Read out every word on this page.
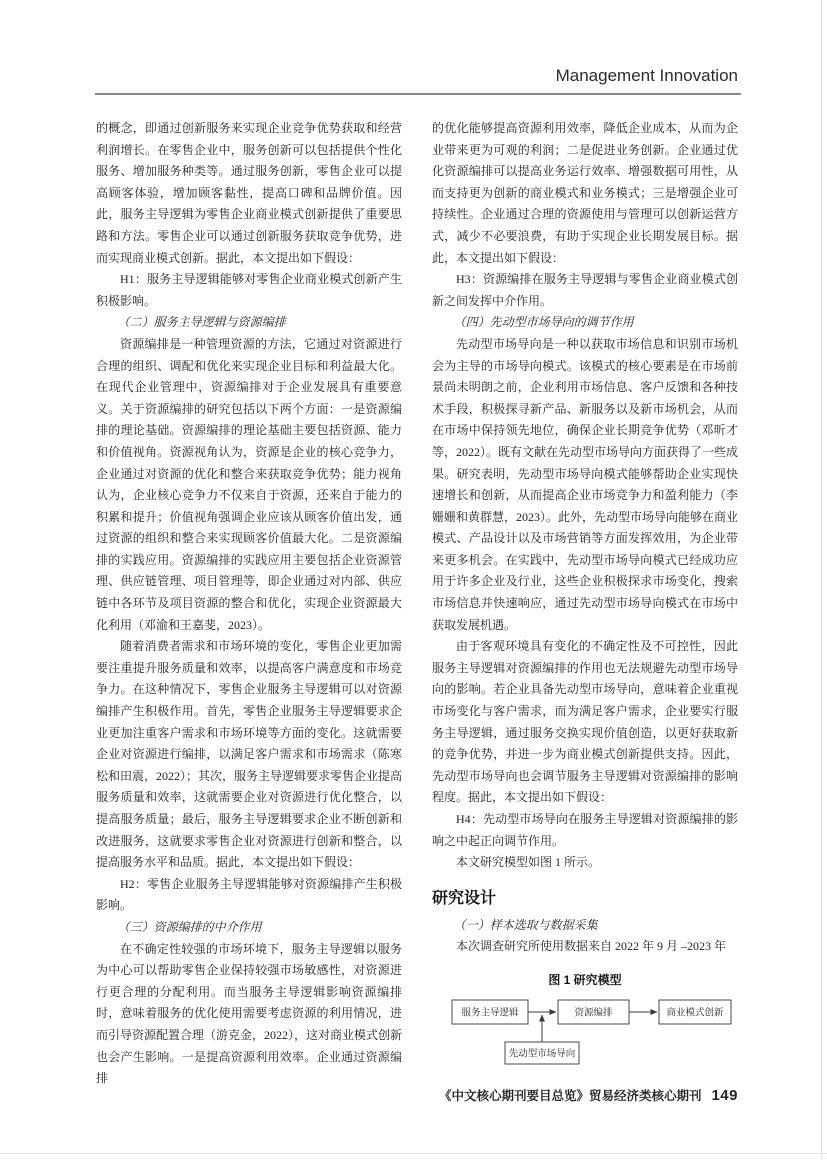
Management Innovation

的概念，即通过创新服务来实现企业竞争优势获取和经营利润增长。在零售企业中，服务创新可以包括提供个性化服务、增加服务种类等。通过服务创新，零售企业可以提高顾客体验，增加顾客黏性，提高口碑和品牌价值。因此，服务主导逻辑为零售企业商业模式创新提供了重要思路和方法。零售企业可以通过创新服务获取竞争优势，进而实现商业模式创新。据此，本文提出如下假设：

H1：服务主导逻辑能够对零售企业商业模式创新产生积极影响。

（二）服务主导逻辑与资源编排

资源编排是一种管理资源的方法，它通过对资源进行合理的组织、调配和优化来实现企业目标和利益最大化。在现代企业管理中，资源编排对于企业发展具有重要意义。关于资源编排的研究包括以下两个方面：一是资源编排的理论基础。资源编排的理论基础主要包括资源、能力和价值视角。资源视角认为，资源是企业的核心竞争力，企业通过对资源的优化和整合来获取竞争优势；能力视角认为，企业核心竞争力不仅来自于资源，还来自于能力的积累和提升；价值视角强调企业应该从顾客价值出发，通过资源的组织和整合来实现顾客价值最大化。二是资源编排的实践应用。资源编排的实践应用主要包括企业资源管理、供应链管理、项目管理等，即企业通过对内部、供应链中各环节及项目资源的整合和优化，实现企业资源最大化利用（邓渝和王嘉斐，2023）。

随着消费者需求和市场环境的变化，零售企业更加需要注重提升服务质量和效率，以提高客户满意度和市场竞争力。在这种情况下，零售企业服务主导逻辑可以对资源编排产生积极作用。首先，零售企业服务主导逻辑要求企业更加注重客户需求和市场环境等方面的变化。这就需要企业对资源进行编排，以满足客户需求和市场需求（陈寒松和田震，2022）；其次，服务主导逻辑要求零售企业提高服务质量和效率，这就需要企业对资源进行优化整合，以提高服务质量；最后，服务主导逻辑要求企业不断创新和改进服务，这就要求零售企业对资源进行创新和整合，以提高服务水平和品质。据此，本文提出如下假设：

H2：零售企业服务主导逻辑能够对资源编排产生积极影响。

（三）资源编排的中介作用

在不确定性较强的市场环境下，服务主导逻辑以服务为中心可以帮助零售企业保持较强市场敏感性，对资源进行更合理的分配利用。而当服务主导逻辑影响资源编排时，意味着服务的优化使用需要考虑资源的利用情况，进而引导资源配置合理（游克金，2022），这对商业模式创新也会产生影响。一是提高资源利用效率。企业通过资源编排

的优化能够提高资源利用效率，降低企业成本，从而为企业带来更为可观的利润；二是促进业务创新。企业通过优化资源编排可以提高业务运行效率、增强数据可用性，从而支持更为创新的商业模式和业务模式；三是增强企业可持续性。企业通过合理的资源使用与管理可以创新运营方式，减少不必要浪费，有助于实现企业长期发展目标。据此，本文提出如下假设：

H3：资源编排在服务主导逻辑与零售企业商业模式创新之间发挥中介作用。

（四）先动型市场导向的调节作用

先动型市场导向是一种以获取市场信息和识别市场机会为主导的市场导向模式。该模式的核心要素是在市场前景尚未明朗之前，企业利用市场信息、客户反馈和各种技术手段，积极探寻新产品、新服务以及新市场机会，从而在市场中保持领先地位，确保企业长期竞争优势（邓昕才等，2022）。既有文献在先动型市场导向方面获得了一些成果。研究表明，先动型市场导向模式能够帮助企业实现快速增长和创新，从而提高企业市场竞争力和盈利能力（李姗姗和黄群慧，2023）。此外，先动型市场导向能够在商业模式、产品设计以及市场营销等方面发挥效用，为企业带来更多机会。在实践中，先动型市场导向模式已经成功应用于许多企业及行业，这些企业积极探求市场变化，搜索市场信息并快速响应，通过先动型市场导向模式在市场中获取发展机遇。

由于客观环境具有变化的不确定性及不可控性，因此服务主导逻辑对资源编排的作用也无法规避先动型市场导向的影响。若企业具备先动型市场导向，意味着企业重视市场变化与客户需求，而为满足客户需求，企业要实行服务主导逻辑，通过服务交换实现价值创造，以更好获取新的竞争优势，并进一步为商业模式创新提供支持。因此，先动型市场导向也会调节服务主导逻辑对资源编排的影响程度。据此，本文提出如下假设：

H4：先动型市场导向在服务主导逻辑对资源编排的影响之中起正向调节作用。

本文研究模型如图 1 所示。

研究设计

（一）样本选取与数据采集

本次调查研究所使用数据来自 2022 年 9 月 –2023 年

图 1 研究模型
服务主导逻辑	资源编排	商业模式创新
先动型市场导向
《中文核心期刊要目总览》贸易经济类核心期刊 149
